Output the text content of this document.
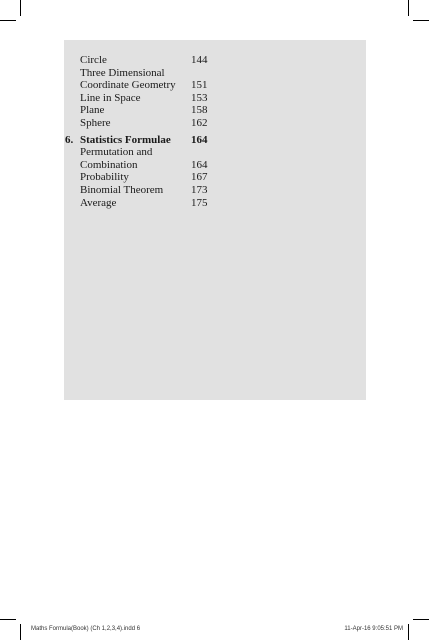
Circle	144
Three Dimensional
Coordinate Geometry 151
Line in Space	153
Plane	158
Sphere	162
6. Statistics Formulae 164
Permutation and
Combination	164
Probability	167
Binomial Theorem	173
Average	175
Maths Formula(Book) (Ch 1,2,3,4).indd 6	11-Apr-16 9:05:51 PM
